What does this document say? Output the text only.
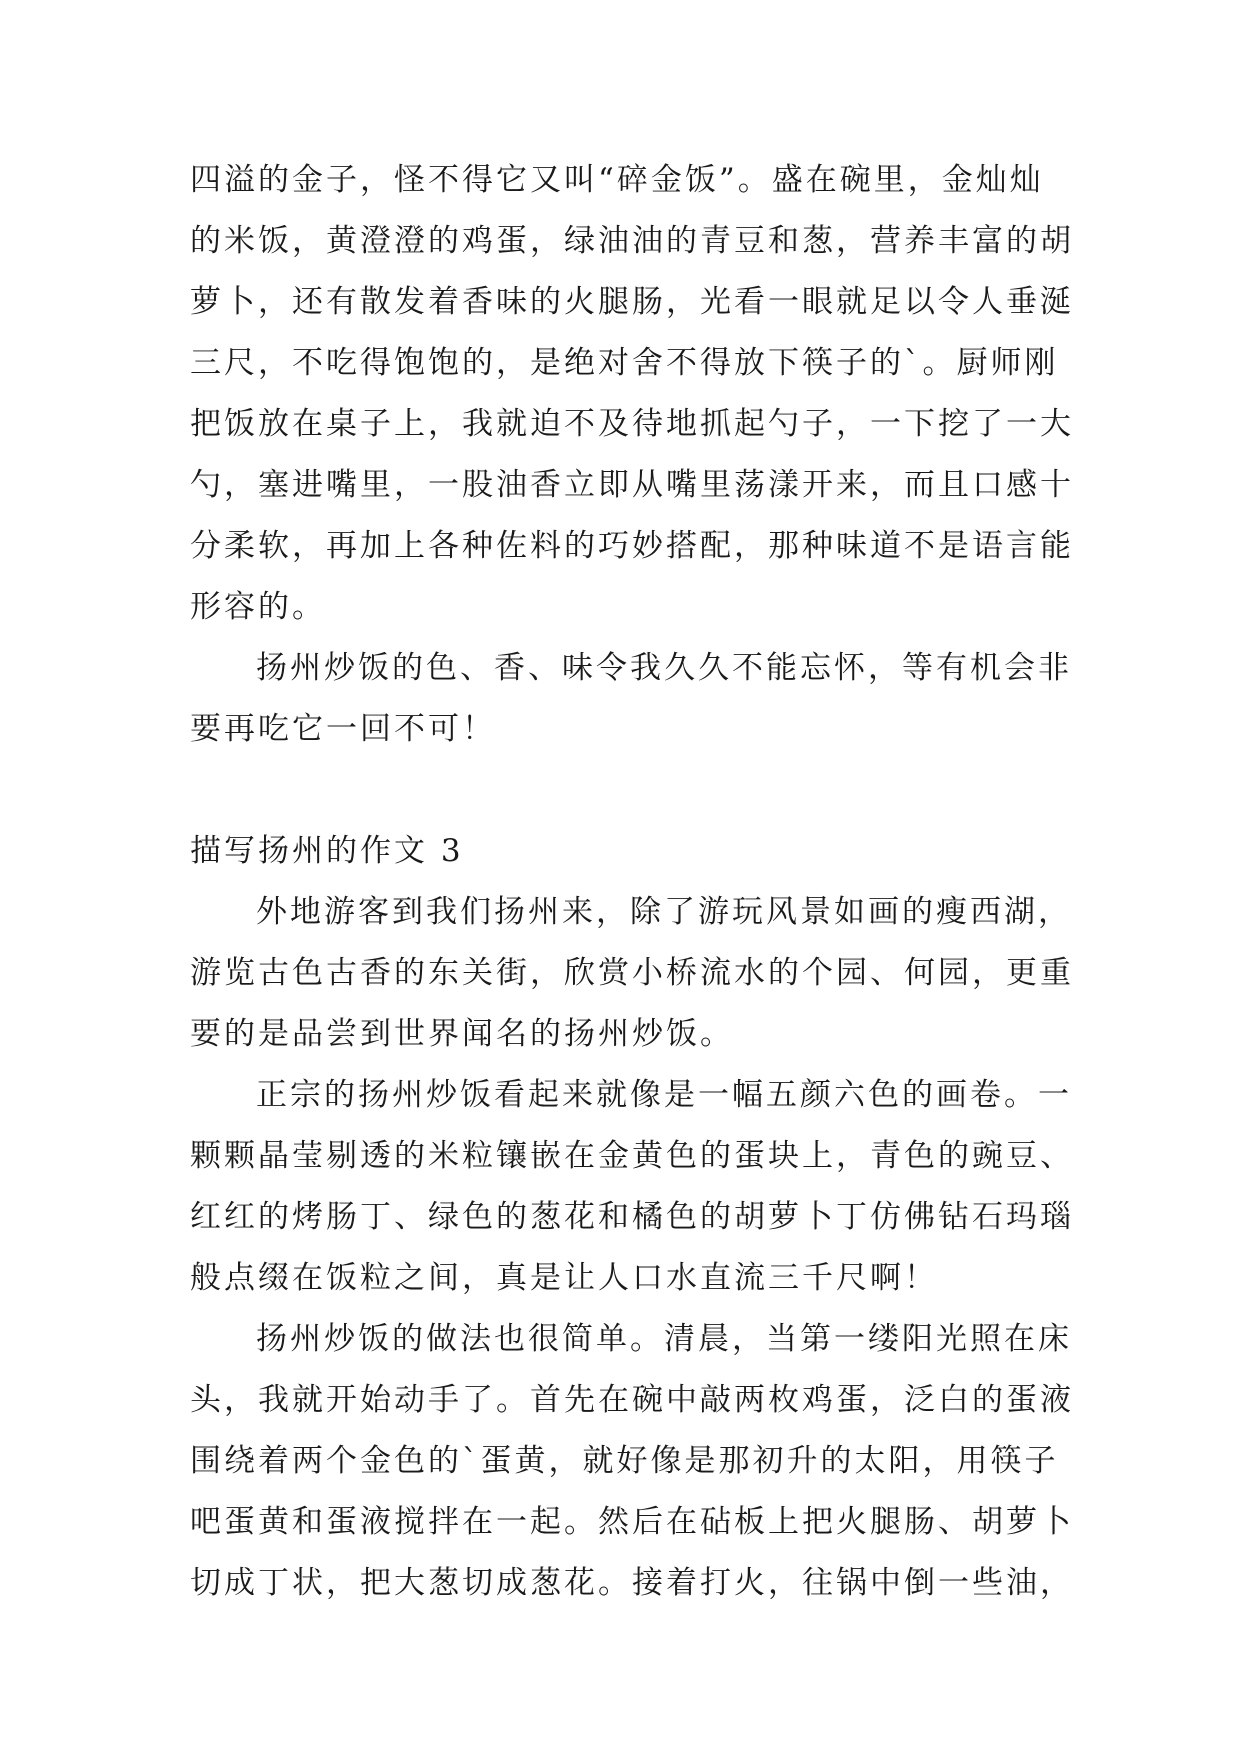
四溢的金子，怪不得它又叫“碎金饭”。盛在碗里，金灿灿
的米饭，黄澄澄的鸡蛋，绿油油的青豆和葱，营养丰富的胡
萝卜，还有散发着香味的火腿肠，光看一眼就足以令人垂涎
三尺，不吃得饱饱的，是绝对舍不得放下筷子的`。厨师刚
把饭放在桌子上，我就迫不及待地抓起勺子，一下挖了一大
勺，塞进嘴里，一股油香立即从嘴里荡漾开来，而且口感十
分柔软，再加上各种佐料的巧妙搭配，那种味道不是语言能
形容的。
扬州炒饭的色、香、味令我久久不能忘怀，等有机会非
要再吃它一回不可！
描写扬州的作文 3
外地游客到我们扬州来，除了游玩风景如画的瘦西湖，
游览古色古香的东关街，欣赏小桥流水的个园、何园，更重
要的是品尝到世界闻名的扬州炒饭。
正宗的扬州炒饭看起来就像是一幅五颜六色的画卷。一
颗颗晶莹剔透的米粒镶嵌在金黄色的蛋块上，青色的豌豆、
红红的烤肠丁、绿色的葱花和橘色的胡萝卜丁仿佛钻石玛瑙
般点缀在饭粒之间，真是让人口水直流三千尺啊！
扬州炒饭的做法也很简单。清晨，当第一缕阳光照在床
头，我就开始动手了。首先在碗中敲两枚鸡蛋，泛白的蛋液
围绕着两个金色的`蛋黄，就好像是那初升的太阳，用筷子
吧蛋黄和蛋液搅拌在一起。然后在砧板上把火腿肠、胡萝卜
切成丁状，把大葱切成葱花。接着打火，往锅中倒一些油，
